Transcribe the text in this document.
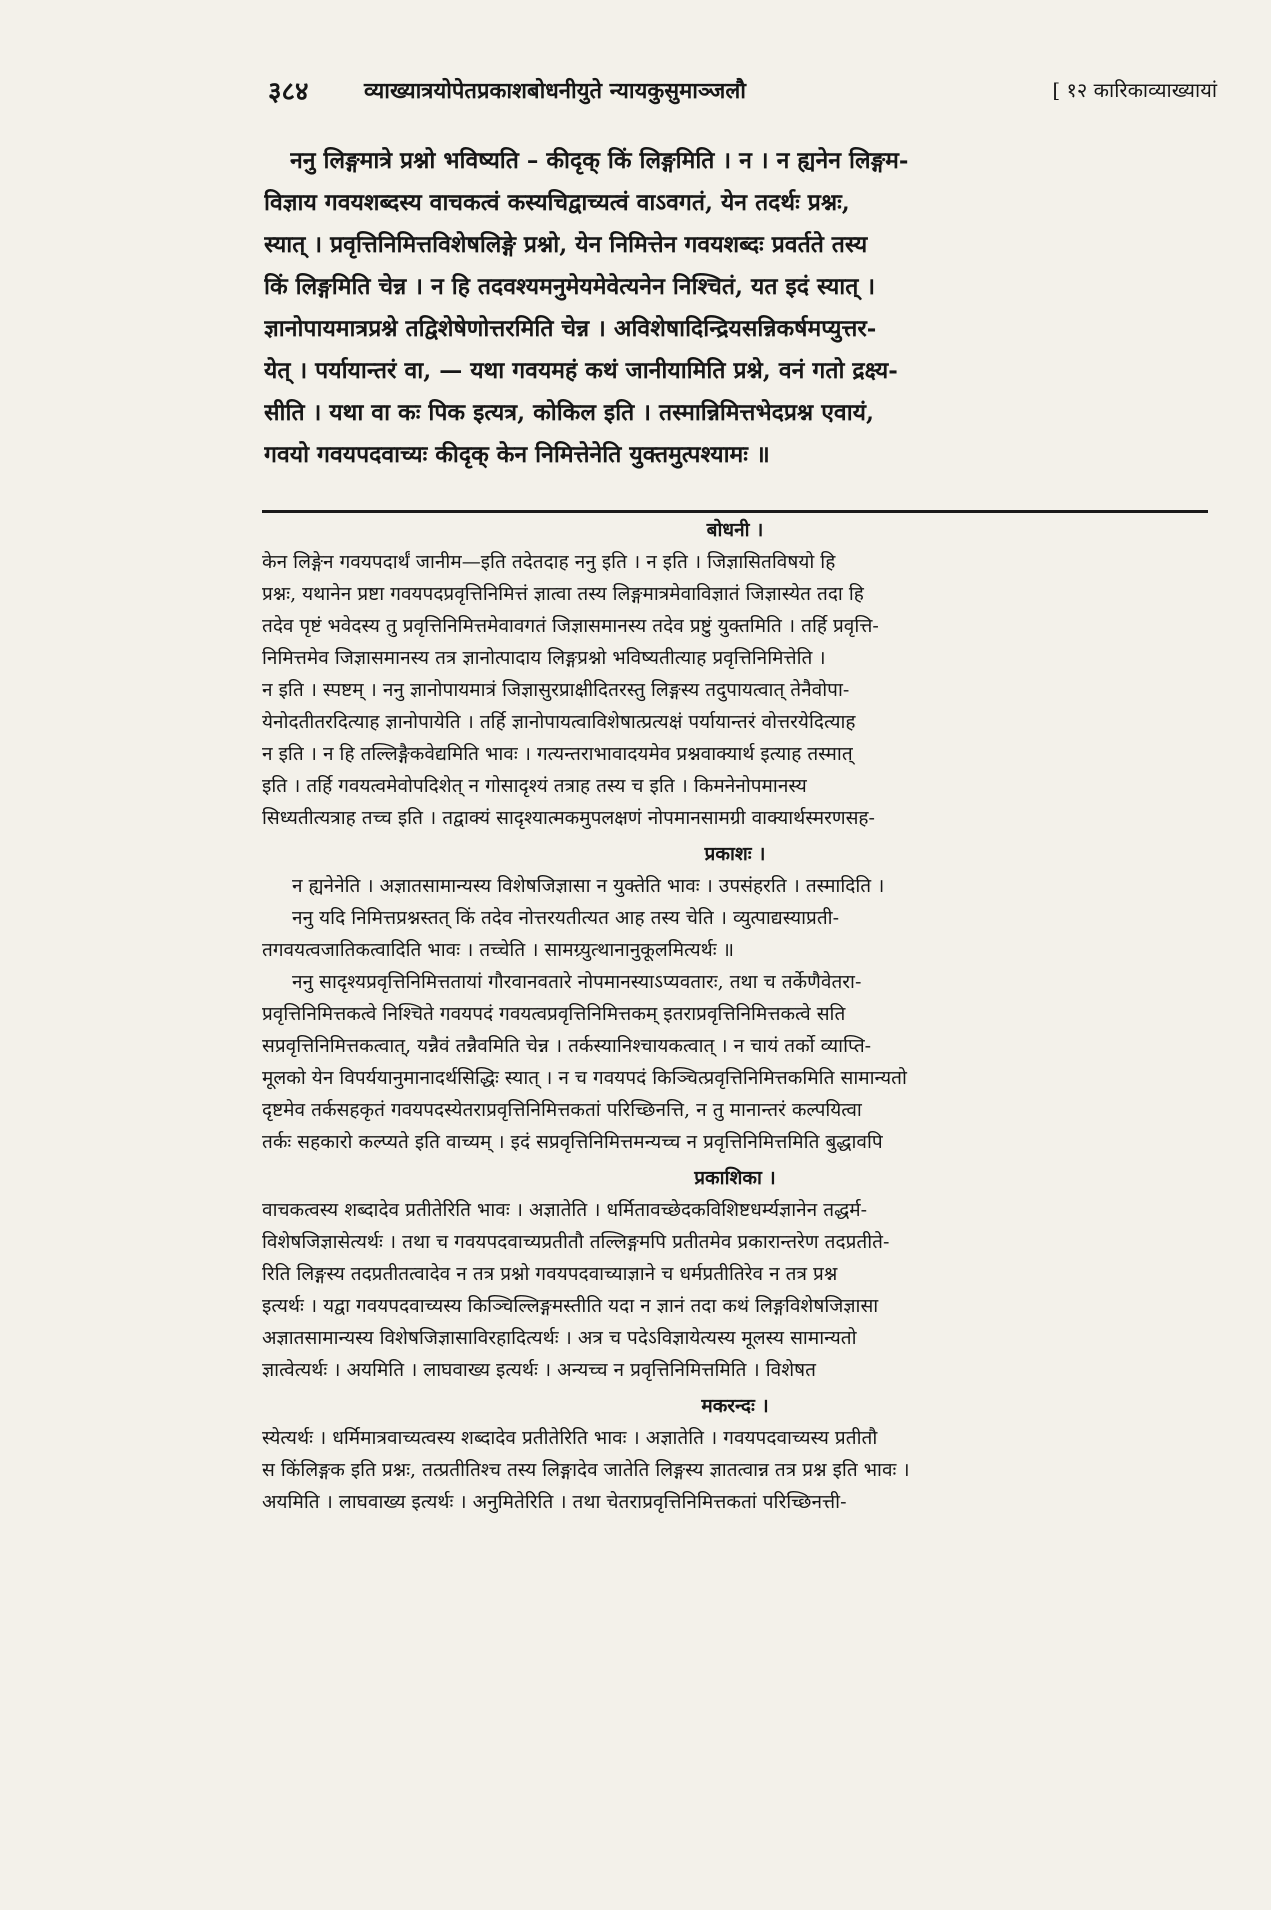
३८४	व्याख्यात्रयोपेतप्रकाशबोधनीयुते न्यायकुसुमाञ्जलौ	[ १२ कारिकाव्याख्यायां
ननु लिङ्गमात्रे प्रश्नो भविष्यति – कीदृक् किं लिङ्गमिति । न । न ह्यनेन लिङ्गम-
विज्ञाय गवयशब्दस्य वाचकत्वं कस्यचिद्वाच्यत्वं वाऽवगतं, येन तदर्थः प्रश्नः,
स्यात् । प्रवृत्तिनिमित्तविशेषलिङ्गे प्रश्नो, येन निमित्तेन गवयशब्दः प्रवर्तते तस्य
किं लिङ्गमिति चेन्न । न हि तदवश्यमनुमेयमेवेत्यनेन निश्चितं, यत इदं स्यात् ।
ज्ञानोपायमात्रप्रश्ने तद्विशेषेणोत्तरमिति चेन्न । अविशेषादिन्द्रियसन्निकर्षमप्युत्तर-
येत् । पर्यायान्तरं वा, — यथा गवयमहं कथं जानीयामिति प्रश्ने, वनं गतो द्रक्ष्य-
सीति । यथा वा कः पिक इत्यत्र, कोकिल इति । तस्मान्निमित्तभेदप्रश्न एवायं,
गवयो गवयपदवाच्यः कीदृक् केन निमित्तेनेति युक्तमुत्पश्यामः ॥
बोधनी ।
केन लिङ्गेन गवयपदार्थं जानीम—इति तदेतदाह ननु इति । न इति । जिज्ञासितविषयो हि
प्रश्नः, यथानेन प्रष्टा गवयपदप्रवृत्तिनिमित्तं ज्ञात्वा तस्य लिङ्गमात्रमेवाविज्ञातं जिज्ञास्येत तदा हि
तदेव पृष्टं भवेदस्य तु प्रवृत्तिनिमित्तमेवावगतं जिज्ञासमानस्य तदेव प्रष्टुं युक्तमिति । तर्हि प्रवृत्ति-
निमित्तमेव जिज्ञासमानस्य तत्र ज्ञानोत्पादाय लिङ्गप्रश्नो भविष्यतीत्याह प्रवृत्तिनिमित्तेति ।
न इति । स्पष्टम् । ननु ज्ञानोपायमात्रं जिज्ञासुरप्राक्षीदितरस्तु लिङ्गस्य तदुपायत्वात् तेनैवोपा-
येनोदतीतरदित्याह ज्ञानोपायेति । तर्हि ज्ञानोपायत्वाविशेषात्प्रत्यक्षं पर्यायान्तरं वोत्तरयेदित्याह
न इति । न हि तल्लिङ्गैकवेद्यमिति भावः । गत्यन्तराभावादयमेव प्रश्नवाक्यार्थ इत्याह तस्मात्
इति । तर्हि गवयत्वमेवोपदिशेत् न गोसादृश्यं तत्राह तस्य च इति । किमनेनोपमानस्य
सिध्यतीत्यत्राह तच्च इति । तद्वाक्यं सादृश्यात्मकमुपलक्षणं नोपमानसामग्री वाक्यार्थस्मरणसह-
प्रकाशः ।
न ह्यनेनेति । अज्ञातसामान्यस्य विशेषजिज्ञासा न युक्तेति भावः । उपसंहरति । तस्मादिति ।
ननु यदि निमित्तप्रश्नस्तत् किं तदेव नोत्तरयतीत्यत आह तस्य चेति । व्युत्पाद्यस्याप्रती-
तगवयत्वजातिकत्वादिति भावः । तच्चेति । सामग्र्युत्थानानुकूलमित्यर्थः ॥
ननु सादृश्यप्रवृत्तिनिमित्ततायां गौरवानवतारे नोपमानस्याऽप्यवतारः, तथा च तर्केणैवेतरा-
प्रवृत्तिनिमित्तकत्वे निश्चिते गवयपदं गवयत्वप्रवृत्तिनिमित्तकम् इतराप्रवृत्तिनिमित्तकत्वे सति
सप्रवृत्तिनिमित्तकत्वात्, यन्नैवं तन्नैवमिति चेन्न । तर्कस्यानिश्चायकत्वात् । न चायं तर्को व्याप्ति-
मूलको येन विपर्ययानुमानादर्थसिद्धिः स्यात् । न च गवयपदं किञ्चित्प्रवृत्तिनिमित्तकमिति सामान्यतो
दृष्टमेव तर्कसहकृतं गवयपदस्येतराप्रवृत्तिनिमित्तकतां परिच्छिनत्ति, न तु मानान्तरं कल्पयित्वा
तर्कः सहकारो कल्प्यते इति वाच्यम् । इदं सप्रवृत्तिनिमित्तमन्यच्च न प्रवृत्तिनिमित्तमिति बुद्धावपि
प्रकाशिका ।
वाचकत्वस्य शब्दादेव प्रतीतेरिति भावः । अज्ञातेति । धर्मितावच्छेदकविशिष्टधर्म्यज्ञानेन तद्धर्म-
विशेषजिज्ञासेत्यर्थः । तथा च गवयपदवाच्यप्रतीतौ तल्लिङ्गमपि प्रतीतमेव प्रकारान्तरेण तदप्रतीते-
रिति लिङ्गस्य तदप्रतीतत्वादेव न तत्र प्रश्नो गवयपदवाच्याज्ञाने च धर्मप्रतीतिरेव न तत्र प्रश्न
इत्यर्थः । यद्वा गवयपदवाच्यस्य किञ्चिल्लिङ्गमस्तीति यदा न ज्ञानं तदा कथं लिङ्गविशेषजिज्ञासा
अज्ञातसामान्यस्य विशेषजिज्ञासाविरहादित्यर्थः । अत्र च पदेऽविज्ञायेत्यस्य मूलस्य सामान्यतो
ज्ञात्वेत्यर्थः । अयमिति । लाघवाख्य इत्यर्थः । अन्यच्च न प्रवृत्तिनिमित्तमिति । विशेषत
मकरन्दः ।
स्येत्यर्थः । धर्मिमात्रवाच्यत्वस्य शब्दादेव प्रतीतेरिति भावः । अज्ञातेति । गवयपदवाच्यस्य प्रतीतौ
स किंलिङ्गक इति प्रश्नः, तत्प्रतीतिश्च तस्य लिङ्गादेव जातेति लिङ्गस्य ज्ञातत्वान्न तत्र प्रश्न इति भावः ।
अयमिति । लाघवाख्य इत्यर्थः । अनुमितेरिति । तथा चेतराप्रवृत्तिनिमित्तकतां परिच्छिनत्ती-
